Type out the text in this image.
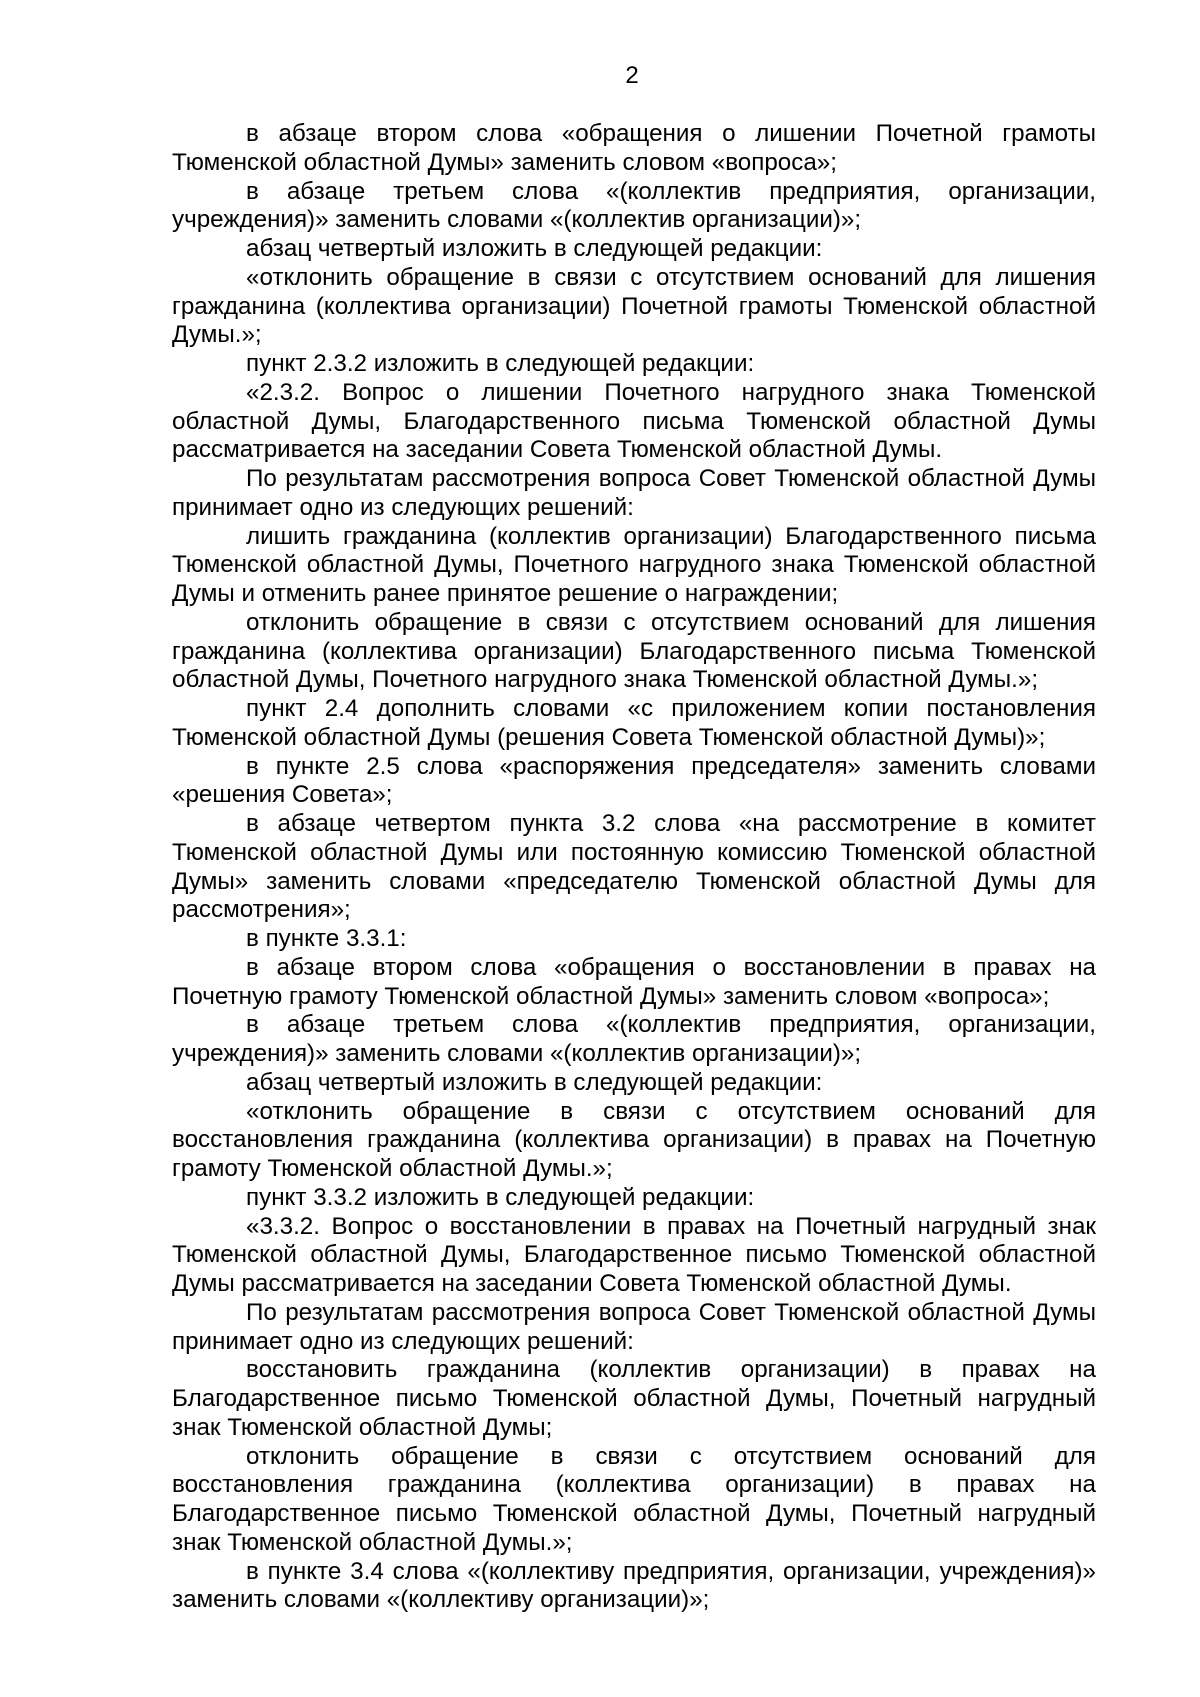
2

в абзаце втором слова «обращения о лишении Почетной грамоты Тюменской областной Думы» заменить словом «вопроса»;

в абзаце третьем слова «(коллектив предприятия, организации, учреждения)» заменить словами «(коллектив организации)»;

абзац четвертый изложить в следующей редакции:

«отклонить обращение в связи с отсутствием оснований для лишения гражданина (коллектива организации) Почетной грамоты Тюменской областной Думы.»;

пункт 2.3.2 изложить в следующей редакции:

«2.3.2. Вопрос о лишении Почетного нагрудного знака Тюменской областной Думы, Благодарственного письма Тюменской областной Думы рассматривается на заседании Совета Тюменской областной Думы.

По результатам рассмотрения вопроса Совет Тюменской областной Думы принимает одно из следующих решений:

лишить гражданина (коллектив организации) Благодарственного письма Тюменской областной Думы, Почетного нагрудного знака Тюменской областной Думы и отменить ранее принятое решение о награждении;

отклонить обращение в связи с отсутствием оснований для лишения гражданина (коллектива организации) Благодарственного письма Тюменской областной Думы, Почетного нагрудного знака Тюменской областной Думы.»;

пункт 2.4 дополнить словами «с приложением копии постановления Тюменской областной Думы (решения Совета Тюменской областной Думы)»;

в пункте 2.5 слова «распоряжения председателя» заменить словами «решения Совета»;

в абзаце четвертом пункта 3.2 слова «на рассмотрение в комитет Тюменской областной Думы или постоянную комиссию Тюменской областной Думы» заменить словами «председателю Тюменской областной Думы для рассмотрения»;

в пункте 3.3.1:

в абзаце втором слова «обращения о восстановлении в правах на Почетную грамоту Тюменской областной Думы» заменить словом «вопроса»;

в абзаце третьем слова «(коллектив предприятия, организации, учреждения)» заменить словами «(коллектив организации)»;

абзац четвертый изложить в следующей редакции:

«отклонить обращение в связи с отсутствием оснований для восстановления гражданина (коллектива организации) в правах на Почетную грамоту Тюменской областной Думы.»;

пункт 3.3.2 изложить в следующей редакции:

«3.3.2. Вопрос о восстановлении в правах на Почетный нагрудный знак Тюменской областной Думы, Благодарственное письмо Тюменской областной Думы рассматривается на заседании Совета Тюменской областной Думы.

По результатам рассмотрения вопроса Совет Тюменской областной Думы принимает одно из следующих решений:

восстановить гражданина (коллектив организации) в правах на Благодарственное письмо Тюменской областной Думы, Почетный нагрудный знак Тюменской областной Думы;

отклонить обращение в связи с отсутствием оснований для восстановления гражданина (коллектива организации) в правах на Благодарственное письмо Тюменской областной Думы, Почетный нагрудный знак Тюменской областной Думы.»;

в пункте 3.4 слова «(коллективу предприятия, организации, учреждения)» заменить словами «(коллективу организации)»;
